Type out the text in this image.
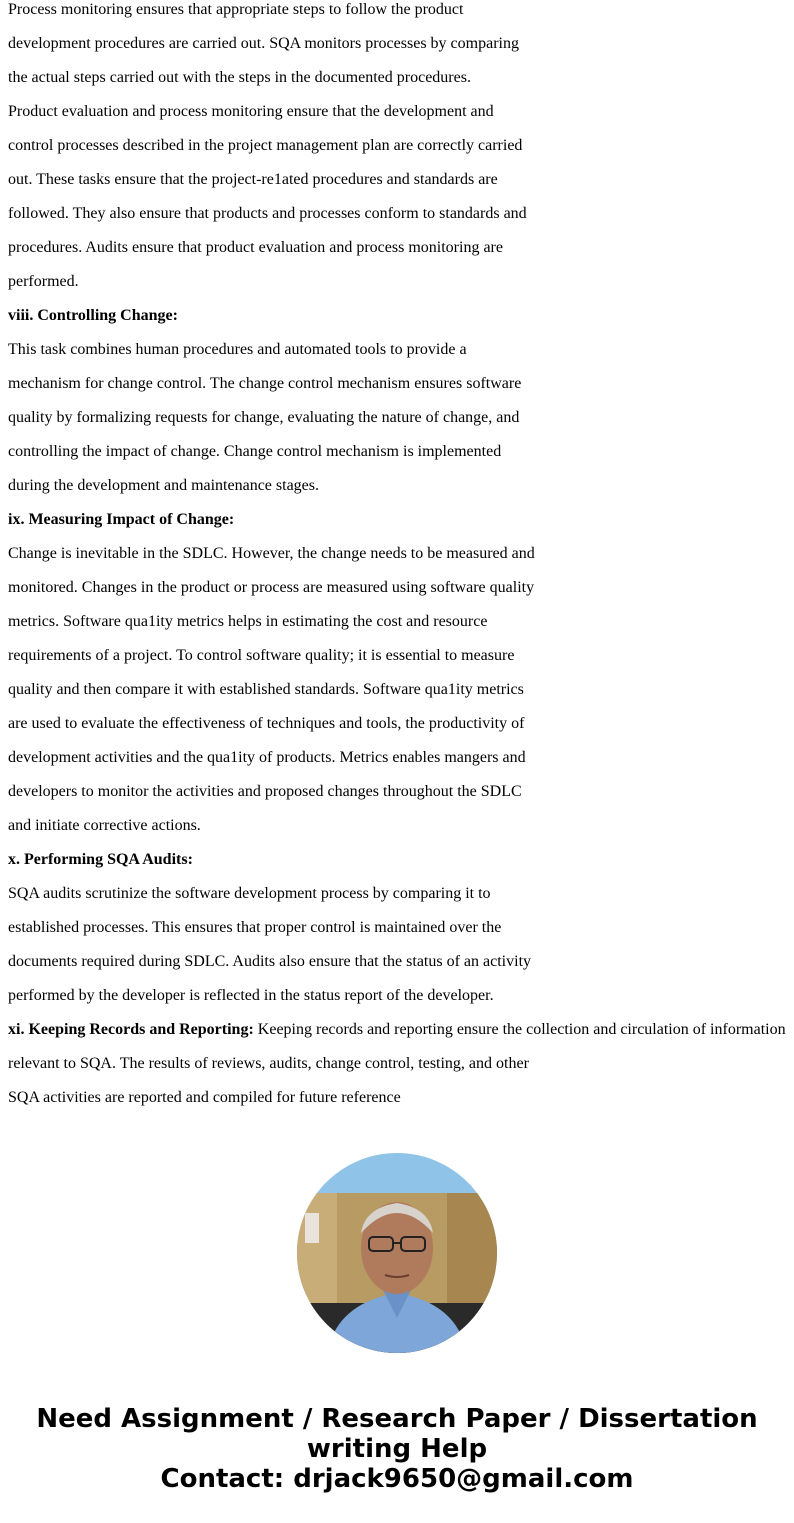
Process monitoring ensures that appropriate steps to follow the product
development procedures are carried out. SQA monitors processes by comparing
the actual steps carried out with the steps in the documented procedures.
Product evaluation and process monitoring ensure that the development and
control processes described in the project management plan are correctly carried
out. These tasks ensure that the project-re1ated procedures and standards are
followed. They also ensure that products and processes conform to standards and
procedures. Audits ensure that product evaluation and process monitoring are
performed.
viii. Controlling Change:
This task combines human procedures and automated tools to provide a
mechanism for change control. The change control mechanism ensures software
quality by formalizing requests for change, evaluating the nature of change, and
controlling the impact of change. Change control mechanism is implemented
during the development and maintenance stages.
ix. Measuring Impact of Change:
Change is inevitable in the SDLC. However, the change needs to be measured and
monitored. Changes in the product or process are measured using software quality
metrics. Software qua1ity metrics helps in estimating the cost and resource
requirements of a project. To control software quality; it is essential to measure
quality and then compare it with established standards. Software qua1ity metrics
are used to evaluate the effectiveness of techniques and tools, the productivity of
development activities and the qua1ity of products. Metrics enables mangers and
developers to monitor the activities and proposed changes throughout the SDLC
and initiate corrective actions.
x. Performing SQA Audits:
SQA audits scrutinize the software development process by comparing it to
established processes. This ensures that proper control is maintained over the
documents required during SDLC. Audits also ensure that the status of an activity
performed by the developer is reflected in the status report of the developer.
xi. Keeping Records and Reporting: Keeping records and reporting ensure the collection and circulation of information
relevant to SQA. The results of reviews, audits, change control, testing, and other
SQA activities are reported and compiled for future reference
Need Assignment / Research Paper / Dissertation
writing Help
Contact: drjack9650@gmail.com
